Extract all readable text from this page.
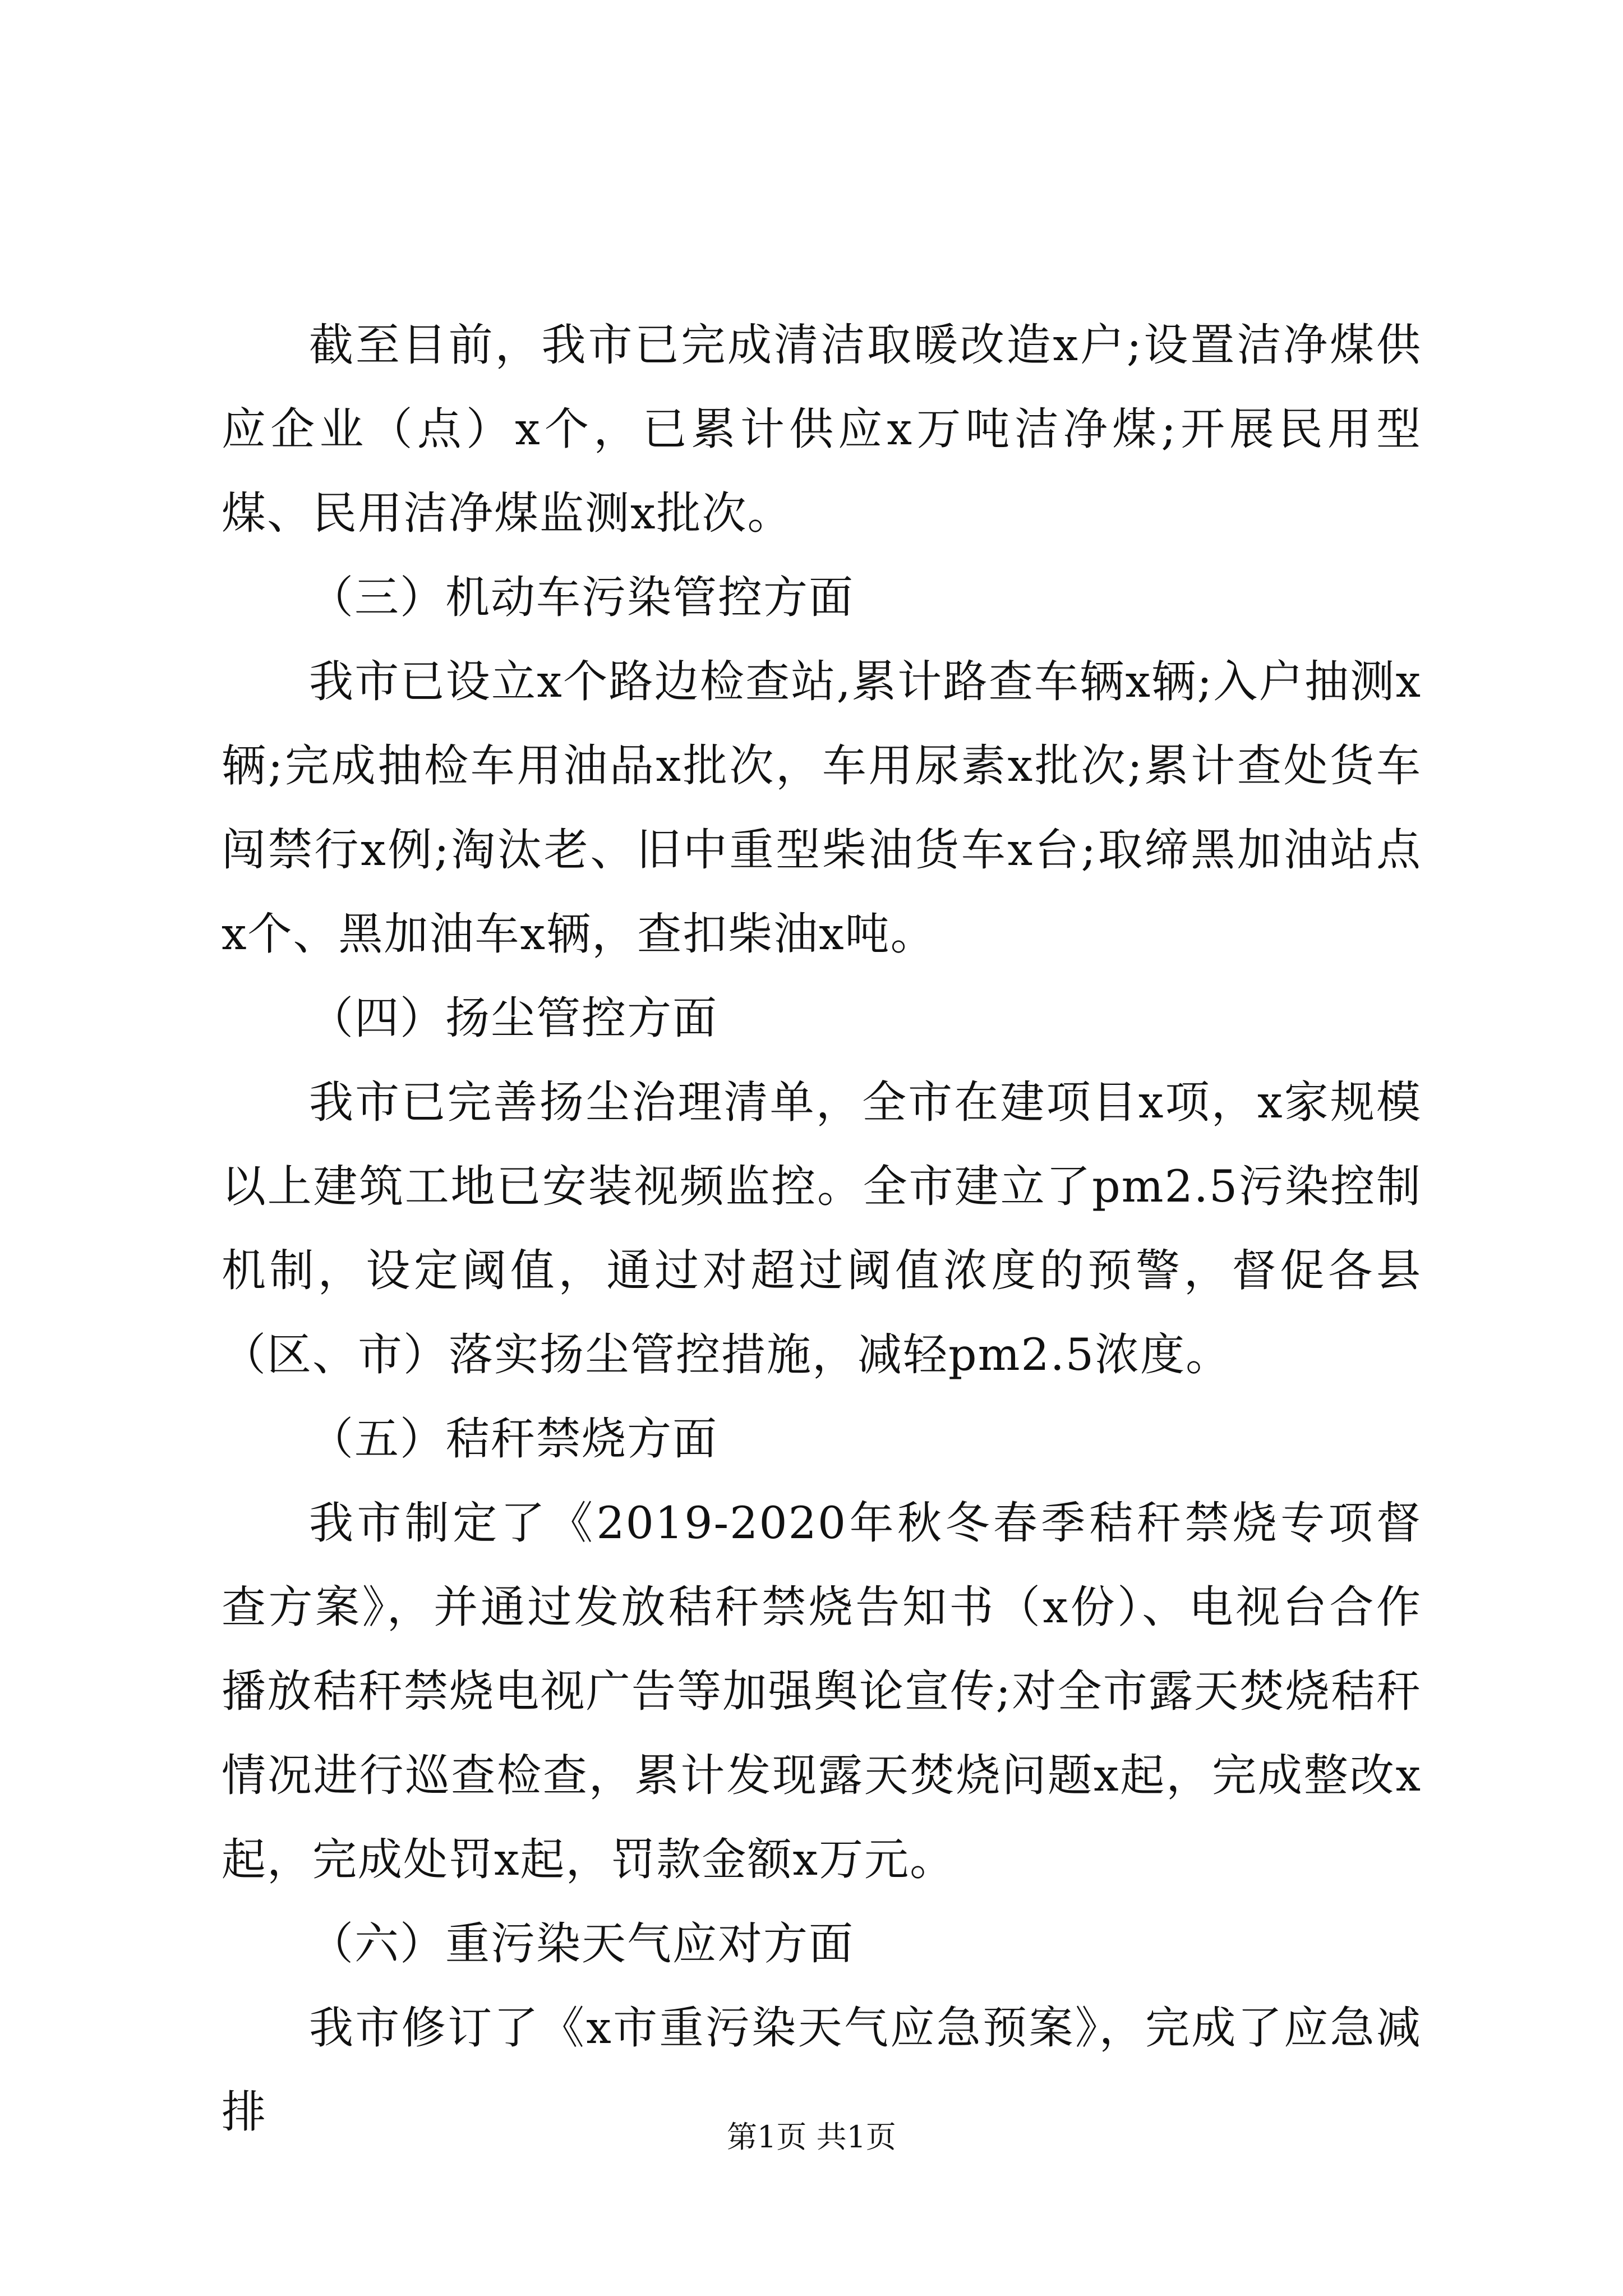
截至目前，我市已完成清洁取暖改造x户;设置洁净煤供应企业（点）x个，已累计供应x万吨洁净煤;开展民用型煤、民用洁净煤监测x批次。

（三）机动车污染管控方面

我市已设立x个路边检查站,累计路查车辆x辆;入户抽测x辆;完成抽检车用油品x批次，车用尿素x批次;累计查处货车闯禁行x例;淘汰老、旧中重型柴油货车x台;取缔黑加油站点x个、黑加油车x辆，查扣柴油x吨。

（四）扬尘管控方面

我市已完善扬尘治理清单，全市在建项目x项，x家规模以上建筑工地已安装视频监控。全市建立了pm2.5污染控制机制，设定阈值，通过对超过阈值浓度的预警，督促各县（区、市）落实扬尘管控措施，减轻pm2.5浓度。

（五）秸秆禁烧方面

我市制定了《2019-2020年秋冬春季秸秆禁烧专项督查方案》，并通过发放秸秆禁烧告知书（x份）、电视台合作播放秸秆禁烧电视广告等加强舆论宣传;对全市露天焚烧秸秆情况进行巡查检查，累计发现露天焚烧问题x起，完成整改x起，完成处罚x起，罚款金额x万元。

（六）重污染天气应对方面

我市修订了《x市重污染天气应急预案》，完成了应急减排	第1页 共1页
